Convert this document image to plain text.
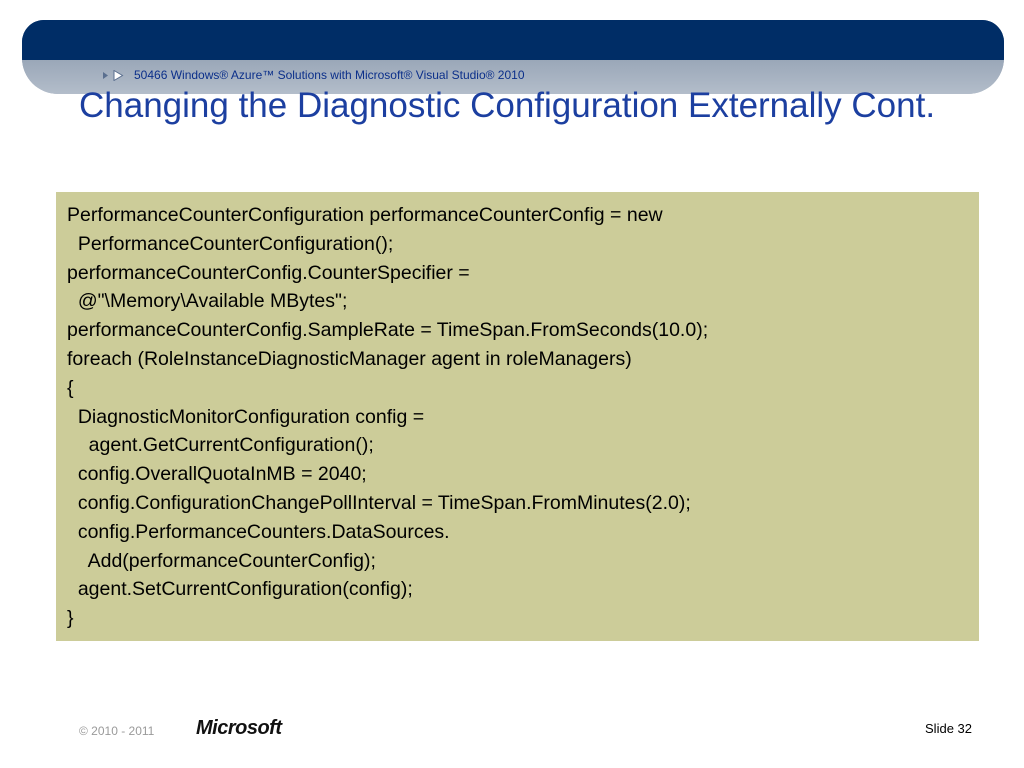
50466 Windows® Azure™ Solutions with Microsoft® Visual Studio® 2010
Changing the Diagnostic Configuration Externally Cont.
PerformanceCounterConfiguration performanceCounterConfig = new
PerformanceCounterConfiguration();
performanceCounterConfig.CounterSpecifier =
@"\Memory\Available MBytes";
performanceCounterConfig.SampleRate = TimeSpan.FromSeconds(10.0);
foreach (RoleInstanceDiagnosticManager agent in roleManagers)
{
DiagnosticMonitorConfiguration config =
agent.GetCurrentConfiguration();
config.OverallQuotaInMB = 2040;
config.ConfigurationChangePollInterval = TimeSpan.FromMinutes(2.0);
config.PerformanceCounters.DataSources.
Add(performanceCounterConfig);
agent.SetCurrentConfiguration(config);
}
© 2010 - 2011 Microsoft	Slide 32
